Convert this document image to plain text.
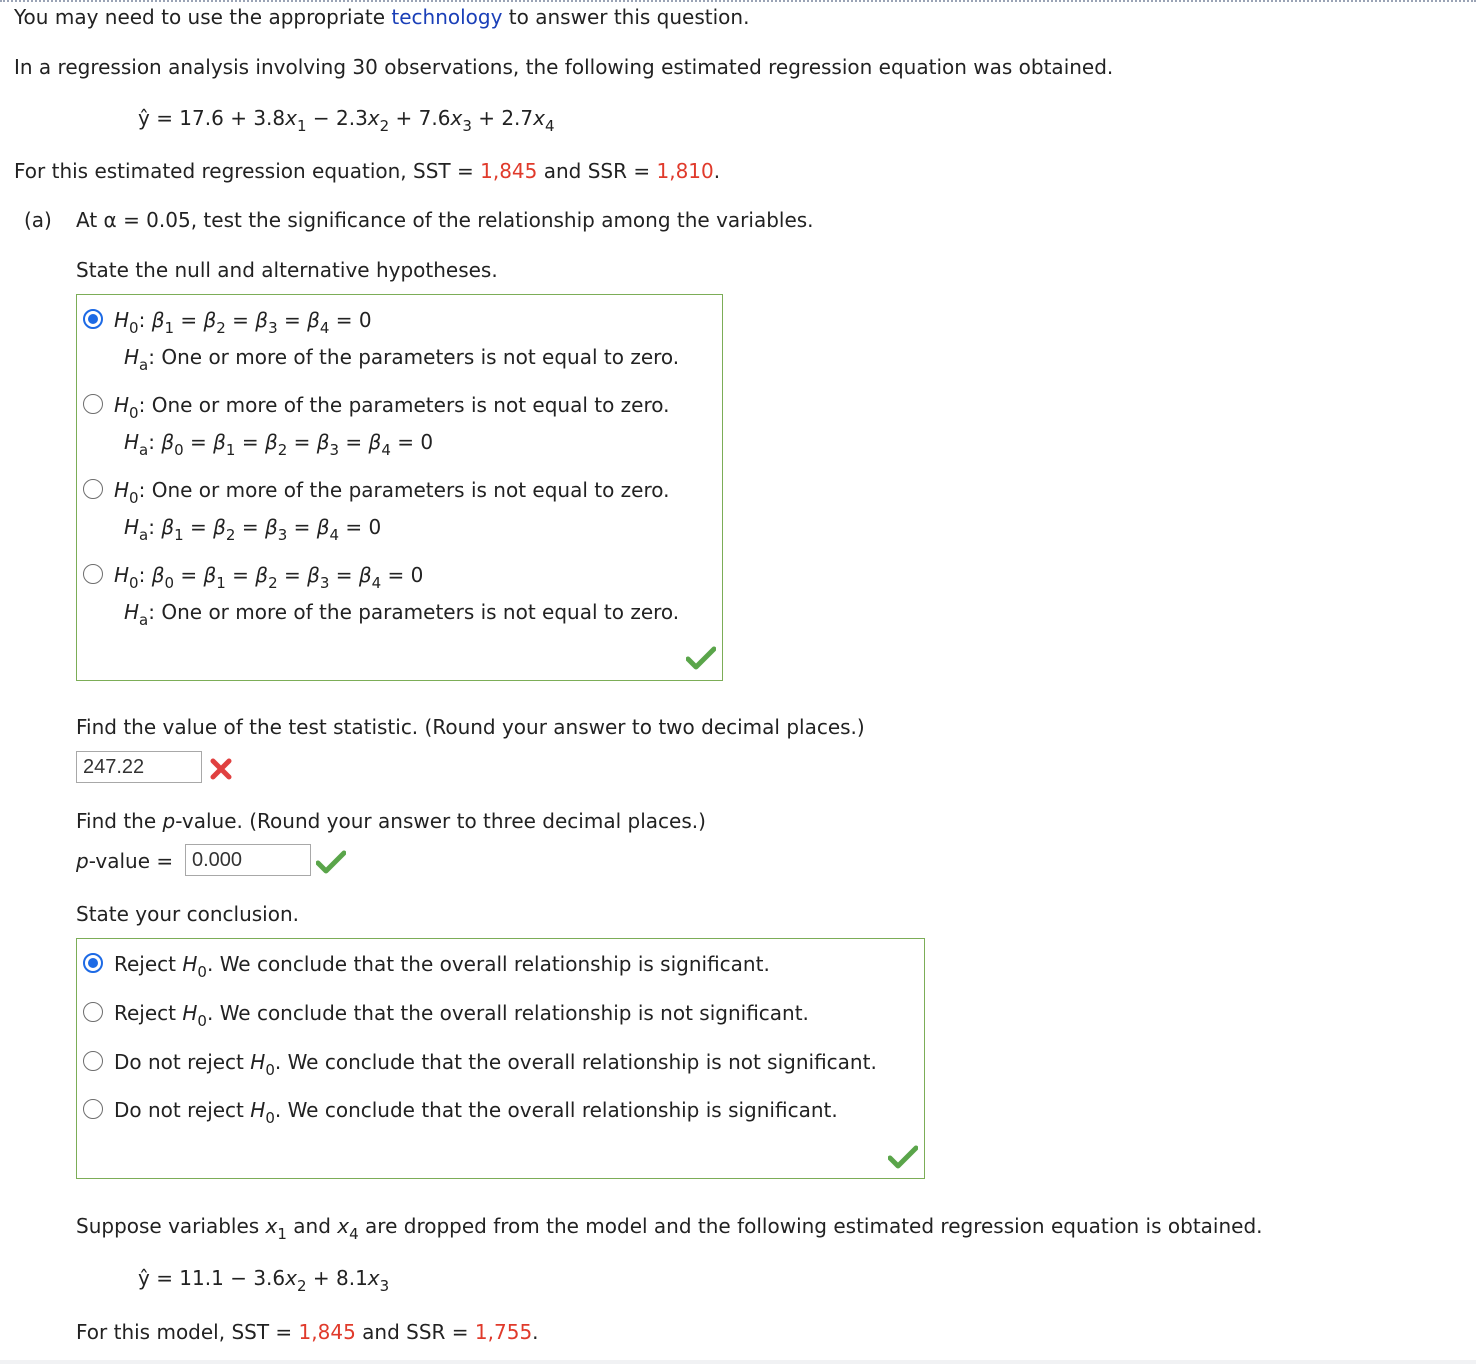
You may need to use the appropriate technology to answer this question.
In a regression analysis involving 30 observations, the following estimated regression equation was obtained.
ŷ = $17.6 + 3.8x_1 - 2.3x_2 + 7.6x_3 + 2.7x_4$
For this estimated regression equation, SST = 1,845 and SSR = 1,810.
(a) At α = 0.05, test the significance of the relationship among the variables.
State the null and alternative hypotheses.
$H_0$: $\beta_1 = \beta_2 = \beta_3 = \beta_4 = 0$
$H_a$: One or more of the parameters is not equal to zero.
$H_0$: One or more of the parameters is not equal to zero.
$H_a$: $\beta_0 = \beta_1 = \beta_2 = \beta_3 = \beta_4 = 0$
$H_0$: One or more of the parameters is not equal to zero.
$H_a$: $\beta_1 = \beta_2 = \beta_3 = \beta_4 = 0$
$H_0$: $\beta_0 = \beta_1 = \beta_2 = \beta_3 = \beta_4 = 0$
$H_a$: One or more of the parameters is not equal to zero.
Find the value of the test statistic. (Round your answer to two decimal places.)
247.22
Find the p-value. (Round your answer to three decimal places.)
p-value = 0.000
State your conclusion.
Reject $H_0$. We conclude that the overall relationship is significant.
Reject $H_0$. We conclude that the overall relationship is not significant.
Do not reject $H_0$. We conclude that the overall relationship is not significant.
Do not reject $H_0$. We conclude that the overall relationship is significant.
Suppose variables $x_1$ and $x_4$ are dropped from the model and the following estimated regression equation is obtained.
ŷ = $11.1 - 3.6x_2 + 8.1x_3$
For this model, SST = 1,845 and SSR = 1,755.
